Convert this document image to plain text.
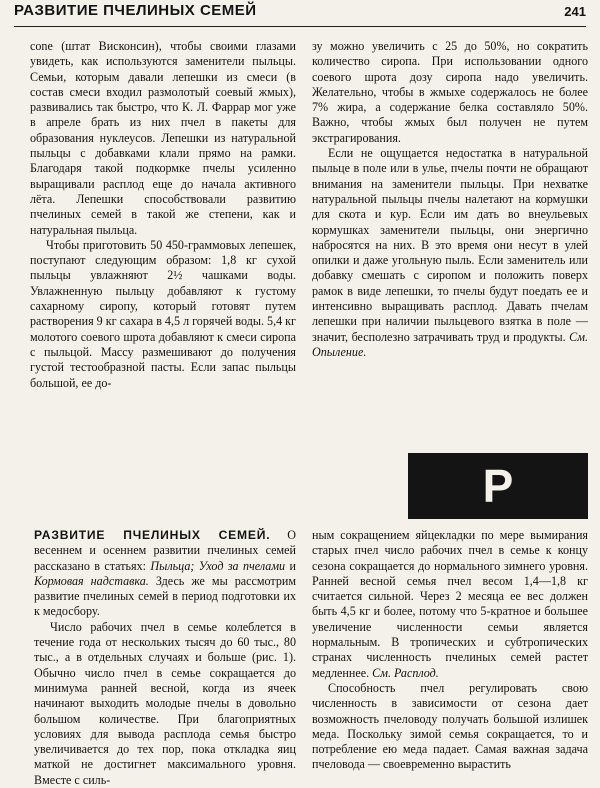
РАЗВИТИЕ ПЧЕЛИНЫХ СЕМЕЙ	241

сone (штат Висконсин), чтобы своими глазами увидеть, как используются заменители пыльцы. Семьи, которым давали лепешки из смеси (в состав смеси входил размолотый соевый жмых), развивались так быстро, что К. Л. Фаррар мог уже в апреле брать из них пчел в пакеты для образования нуклеусов. Лепешки из натуральной пыльцы с добавками клали прямо на рамки. Благодаря такой подкормке пчелы усиленно выращивали расплод еще до начала активного лёта. Лепешки способствовали развитию пчелиных семей в такой же степени, как и натуральная пыльца.

Чтобы приготовить 50 450-граммовых лепешек, поступают следующим образом: 1,8 кг сухой пыльцы увлажняют 2½ чашками воды. Увлажненную пыльцу добавляют к густому сахарному сиропу, который готовят путем растворения 9 кг сахара в 4,5 л горячей воды. 5,4 кг молотого соевого шрота добавляют к смеси сиропа с пыльцой. Массу размешивают до получения густой тестообразной пасты. Если запас пыльцы большой, ее до-

зу можно увеличить с 25 до 50%, но сократить количество сиропа. При использовании одного соевого шрота дозу сиропа надо увеличить. Желательно, чтобы в жмыхе содержалось не более 7% жира, а содержание белка составляло 50%. Важно, чтобы жмых был получен не путем экстрагирования.

Если не ощущается недостатка в натуральной пыльце в поле или в улье, пчелы почти не обращают внимания на заменители пыльцы. При нехватке натуральной пыльцы пчелы налетают на кормушки для скота и кур. Если им дать во внеульевых кормушках заменители пыльцы, они энергично набросятся на них. В это время они несут в улей опилки и даже угольную пыль. Если заменитель или добавку смешать с сиропом и положить поверх рамок в виде лепешки, то пчелы будут поедать ее и интенсивно выращивать расплод. Давать пчелам лепешки при наличии пыльцевого взятка в поле — значит, бесполезно затрачивать труд и продукты. См. Опыление.

Р

РАЗВИТИЕ ПЧЕЛИНЫХ СЕМЕЙ. О весеннем и осеннем развитии пчелиных семей рассказано в статьях: Пыльца; Уход за пчелами и Кормовая надставка. Здесь же мы рассмотрим развитие пчелиных семей в период подготовки их к медосбору.

Число рабочих пчел в семье колеблется в течение года от нескольких тысяч до 60 тыс., 80 тыс., а в отдельных случаях и больше (рис. 1). Обычно число пчел в семье сокращается до минимума ранней весной, когда из ячеек начинают выходить молодые пчелы в довольно большом количестве. При благоприятных условиях для вывода расплода семья быстро увеличивается до тех пор, пока откладка яиц маткой не достигнет максимального уровня. Вместе с силь-

ным сокращением яйцекладки по мере вымирания старых пчел число рабочих пчел в семье к концу сезона сокращается до нормального зимнего уровня. Ранней весной семья пчел весом 1,4—1,8 кг считается сильной. Через 2 месяца ее вес должен быть 4,5 кг и более, потому что 5-кратное и большее увеличение численности семьи является нормальным. В тропических и субтропических странах численность пчелиных семей растет медленнее. См. Расплод.

Способность пчел регулировать свою численность в зависимости от сезона дает возможность пчеловоду получать большой излишек меда. Поскольку зимой семья сокращается, то и потребление ею меда падает. Самая важная задача пчеловода — своевременно вырастить
